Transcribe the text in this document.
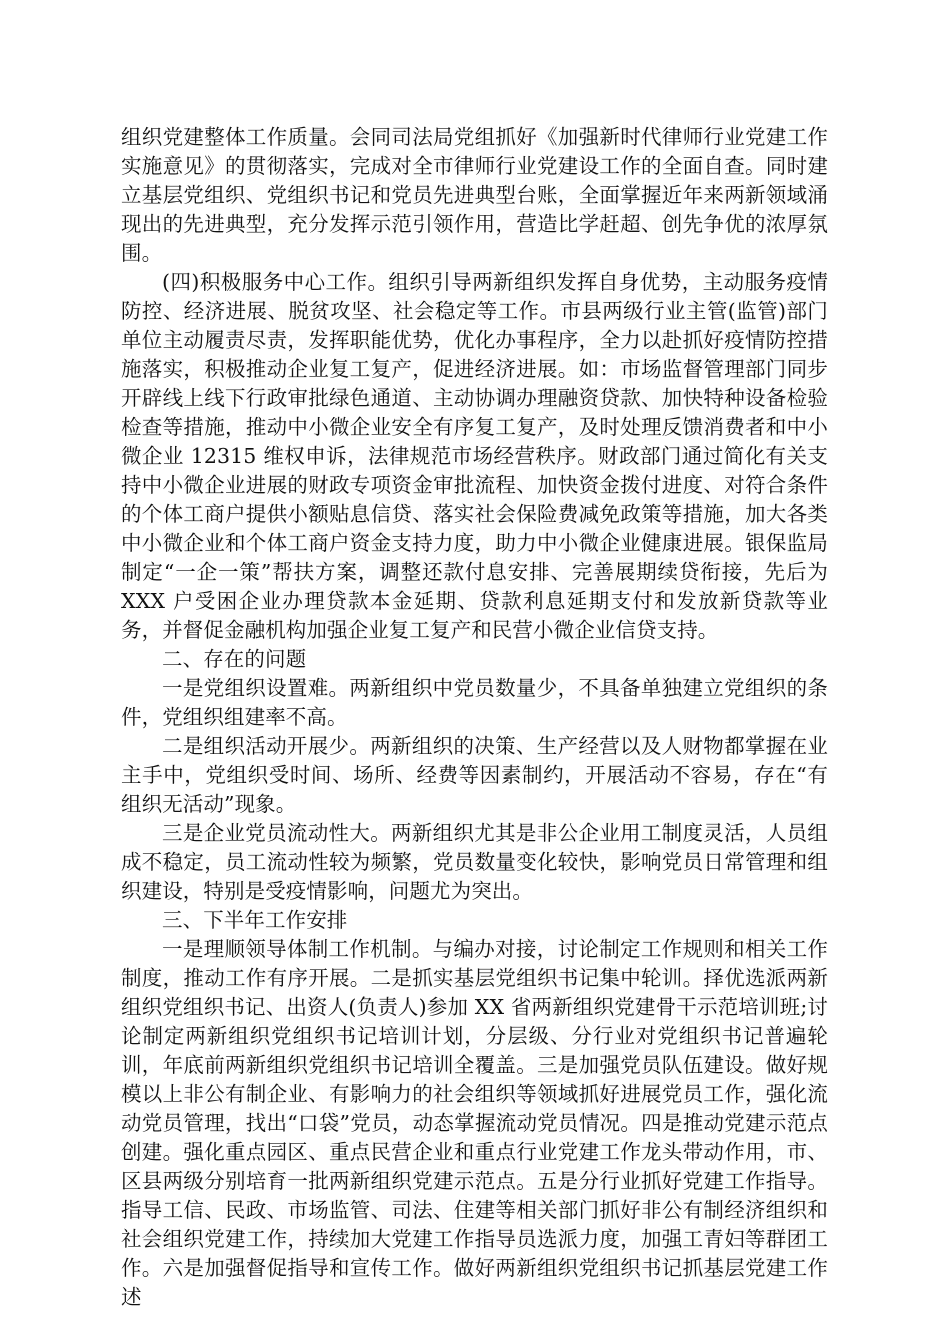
组织党建整体工作质量。会同司法局党组抓好《加强新时代律师行业党建工作实施意见》的贯彻落实，完成对全市律师行业党建设工作的全面自查。同时建立基层党组织、党组织书记和党员先进典型台账，全面掌握近年来两新领域涌现出的先进典型，充分发挥示范引领作用，营造比学赶超、创先争优的浓厚氛围。

(四)积极服务中心工作。组织引导两新组织发挥自身优势，主动服务疫情防控、经济进展、脱贫攻坚、社会稳定等工作。市县两级行业主管(监管)部门单位主动履责尽责，发挥职能优势，优化办事程序，全力以赴抓好疫情防控措施落实，积极推动企业复工复产，促进经济进展。如：市场监督管理部门同步开辟线上线下行政审批绿色通道、主动协调办理融资贷款、加快特种设备检验检查等措施，推动中小微企业安全有序复工复产，及时处理反馈消费者和中小微企业 12315 维权申诉，法律规范市场经营秩序。财政部门通过简化有关支持中小微企业进展的财政专项资金审批流程、加快资金拨付进度、对符合条件的个体工商户提供小额贴息信贷、落实社会保险费减免政策等措施，加大各类中小微企业和个体工商户资金支持力度，助力中小微企业健康进展。银保监局制定“一企一策”帮扶方案，调整还款付息安排、完善展期续贷衔接，先后为 XXX 户受困企业办理贷款本金延期、贷款利息延期支付和发放新贷款等业务，并督促金融机构加强企业复工复产和民营小微企业信贷支持。

二、存在的问题

一是党组织设置难。两新组织中党员数量少，不具备单独建立党组织的条件，党组织组建率不高。

二是组织活动开展少。两新组织的决策、生产经营以及人财物都掌握在业主手中，党组织受时间、场所、经费等因素制约，开展活动不容易，存在“有组织无活动”现象。

三是企业党员流动性大。两新组织尤其是非公企业用工制度灵活，人员组成不稳定，员工流动性较为频繁，党员数量变化较快，影响党员日常管理和组织建设，特别是受疫情影响，问题尤为突出。

三、下半年工作安排

一是理顺领导体制工作机制。与编办对接，讨论制定工作规则和相关工作制度，推动工作有序开展。二是抓实基层党组织书记集中轮训。择优选派两新组织党组织书记、出资人(负责人)参加 XX 省两新组织党建骨干示范培训班;讨论制定两新组织党组织书记培训计划，分层级、分行业对党组织书记普遍轮训，年底前两新组织党组织书记培训全覆盖。三是加强党员队伍建设。做好规模以上非公有制企业、有影响力的社会组织等领域抓好进展党员工作，强化流动党员管理，找出“口袋”党员，动态掌握流动党员情况。四是推动党建示范点创建。强化重点园区、重点民营企业和重点行业党建工作龙头带动作用，市、区县两级分别培育一批两新组织党建示范点。五是分行业抓好党建工作指导。指导工信、民政、市场监管、司法、住建等相关部门抓好非公有制经济组织和社会组织党建工作，持续加大党建工作指导员选派力度，加强工青妇等群团工作。六是加强督促指导和宣传工作。做好两新组织党组织书记抓基层党建工作述
